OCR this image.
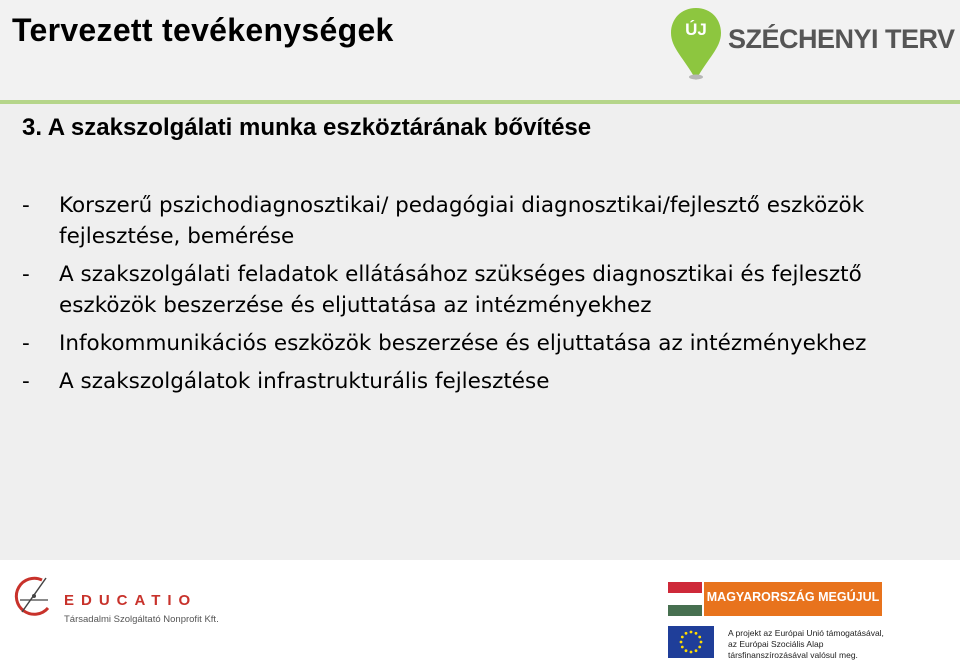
Tervezett tevékenységek	ÚJ SZÉCHENYI TERV
3. A szakszolgálati munka eszköztárának bővítése
- Korszerű pszichodiagnosztikai/ pedagógiai diagnosztikai/fejlesztő eszközök fejlesztése, bemérése
- A szakszolgálati feladatok ellátásához szükséges diagnosztikai és fejlesztő eszközök beszerzése és eljuttatása az intézményekhez
- Infokommunikációs eszközök beszerzése és eljuttatása az intézményekhez
- A szakszolgálatok infrastrukturális fejlesztése
EDUCATIO
Társadalmi Szolgáltató Nonprofit Kft.
MAGYARORSZÁG MEGÚJUL
A projekt az Európai Unió támogatásával,
az Európai Szociális Alap
társfinanszírozásával valósul meg.
